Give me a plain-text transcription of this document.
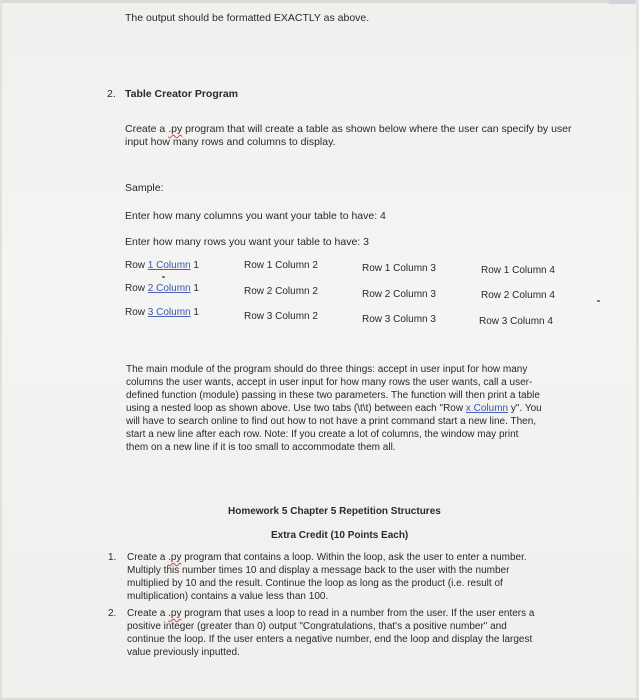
The output should be formatted EXACTLY as above.
2. Table Creator Program
Create a .py program that will create a table as shown below where the user can specify by user
input how many rows and columns to display.
Sample:
Enter how many columns you want your table to have: 4
Enter how many rows you want your table to have: 3
Row 1 Column 1	Row 1 Column 2	Row 1 Column 3	Row 1 Column 4
Row 2 Column 1	Row 2 Column 2	Row 2 Column 3	Row 2 Column 4
Row 3 Column 1	Row 3 Column 2	Row 3 Column 3	Row 3 Column 4
The main module of the program should do three things: accept in user input for how many
columns the user wants, accept in user input for how many rows the user wants, call a user-
defined function (module) passing in these two parameters. The function will then print a table
using a nested loop as shown above. Use two tabs (\t\t) between each "Row x Column y". You
will have to search online to find out how to not have a print command start a new line. Then,
start a new line after each row. Note: If you create a lot of columns, the window may print
them on a new line if it is too small to accommodate them all.
Homework 5 Chapter 5 Repetition Structures
Extra Credit (10 Points Each)
1. Create a .py program that contains a loop. Within the loop, ask the user to enter a number.
Multiply this number times 10 and display a message back to the user with the number
multiplied by 10 and the result. Continue the loop as long as the product (i.e. result of
multiplication) contains a value less than 100.
2. Create a .py program that uses a loop to read in a number from the user. If the user enters a
positive integer (greater than 0) output "Congratulations, that's a positive number" and
continue the loop. If the user enters a negative number, end the loop and display the largest
value previously inputted.
